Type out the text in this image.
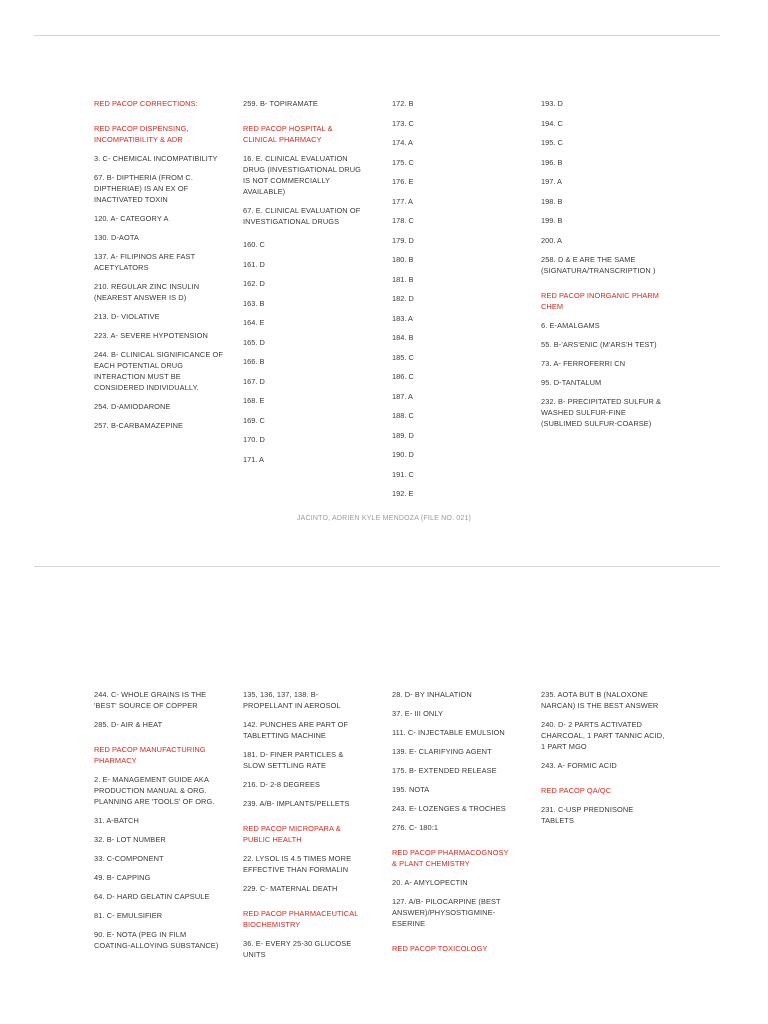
RED PACOP CORRECTIONS:
RED PACOP DISPENSING, INCOMPATIBILITY & ADR
3. C- CHEMICAL INCOMPATIBILITY
67. B- DIPTHERIA (FROM C. DIPTHERIAE) IS AN EX OF INACTIVATED TOXIN
120. A- CATEGORY A
130. D-AOTA
137. A- FILIPINOS ARE FAST ACETYLATORS
210. REGULAR ZINC INSULIN (NEAREST ANSWER IS D)
213. D- VIOLATIVE
223. A- SEVERE HYPOTENSION
244. B- CLINICAL SIGNIFICANCE OF EACH POTENTIAL DRUG INTERACTION MUST BE CONSIDERED INDIVIDUALLY.
254. D-AMIODARONE
257. B-CARBAMAZEPINE
259. B- TOPIRAMATE
RED PACOP HOSPITAL & CLINICAL PHARMACY
16. E. CLINICAL EVALUATION DRUG (INVESTIGATIONAL DRUG IS NOT COMMERCIALLY AVAILABLE)
67. E. CLINICAL EVALUATION OF INVESTIGATIONAL DRUGS
160. C
161. D
162. D
163. B
164. E
165. D
166. B
167. D
168. E
169. C
170. D
171. A
172. B
173. C
174. A
175. C
176. E
177. A
178. C
179. D
180. B
181. B
182. D
183. A
184. B
185. C
186. C
187. A
188. C
189. D
190. D
191. C
192. E
193. D
194. C
195. C
196. B
197. A
198. B
199. B
200. A
258. D & E ARE THE SAME (SIGNATURA/TRANSCRIPTION )
RED PACOP INORGANIC PHARM CHEM
6. E-AMALGAMS
55. B-'ARS'ENIC (M'ARS'H TEST)
73. A- FERROFERRI CN
95. D-TANTALUM
232. B- PRECIPITATED SULFUR & WASHED SULFUR-FINE (SUBLIMED SULFUR-COARSE)
JACINTO, ADRIEN KYLE MENDOZA (FILE NO. 021)
244. C- WHOLE GRAINS IS THE 'BEST' SOURCE OF COPPER
285. D- AIR & HEAT
RED PACOP MANUFACTURING PHARMACY
2. E- MANAGEMENT GUIDE AKA PRODUCTION MANUAL & ORG. PLANNING ARE 'TOOLS' OF ORG.
31. A-BATCH
32. B- LOT NUMBER
33. C-COMPONENT
49. B- CAPPING
64. D- HARD GELATIN CAPSULE
81. C- EMULSIFIER
90. E- NOTA (PEG IN FILM COATING-ALLOYING SUBSTANCE)
135, 136, 137, 138. B- PROPELLANT IN AEROSOL
142. PUNCHES ARE PART OF TABLETTING MACHINE
181. D- FINER PARTICLES & SLOW SETTLING RATE
216. D- 2-8 DEGREES
239. A/B- IMPLANTS/PELLETS
RED PACOP MICROPARA & PUBLIC HEALTH
22. LYSOL IS 4.5 TIMES MORE EFFECTIVE THAN FORMALIN
229. C- MATERNAL DEATH
RED PACOP PHARMACEUTICAL BIOCHEMISTRY
36. E- EVERY 25-30 GLUCOSE UNITS
28. D- BY INHALATION
37. E- III ONLY
111. C- INJECTABLE EMULSION
139. E- CLARIFYING AGENT
175. B- EXTENDED RELEASE
195. NOTA
243. E- LOZENGES & TROCHES
276. C- 180:1
RED PACOP PHARMACOGNOSY & PLANT CHEMISTRY
20. A- AMYLOPECTIN
127. A/B- PILOCARPINE (BEST ANSWER)/PHYSOSTIGMINE-ESERINE
RED PACOP TOXICOLOGY
235. AOTA BUT B (NALOXONE NARCAN) IS THE BEST ANSWER
240. D- 2 PARTS ACTIVATED CHARCOAL, 1 PART TANNIC ACID, 1 PART MGO
243. A- FORMIC ACID
RED PACOP QA/QC
231. C-USP PREDNISONE TABLETS
